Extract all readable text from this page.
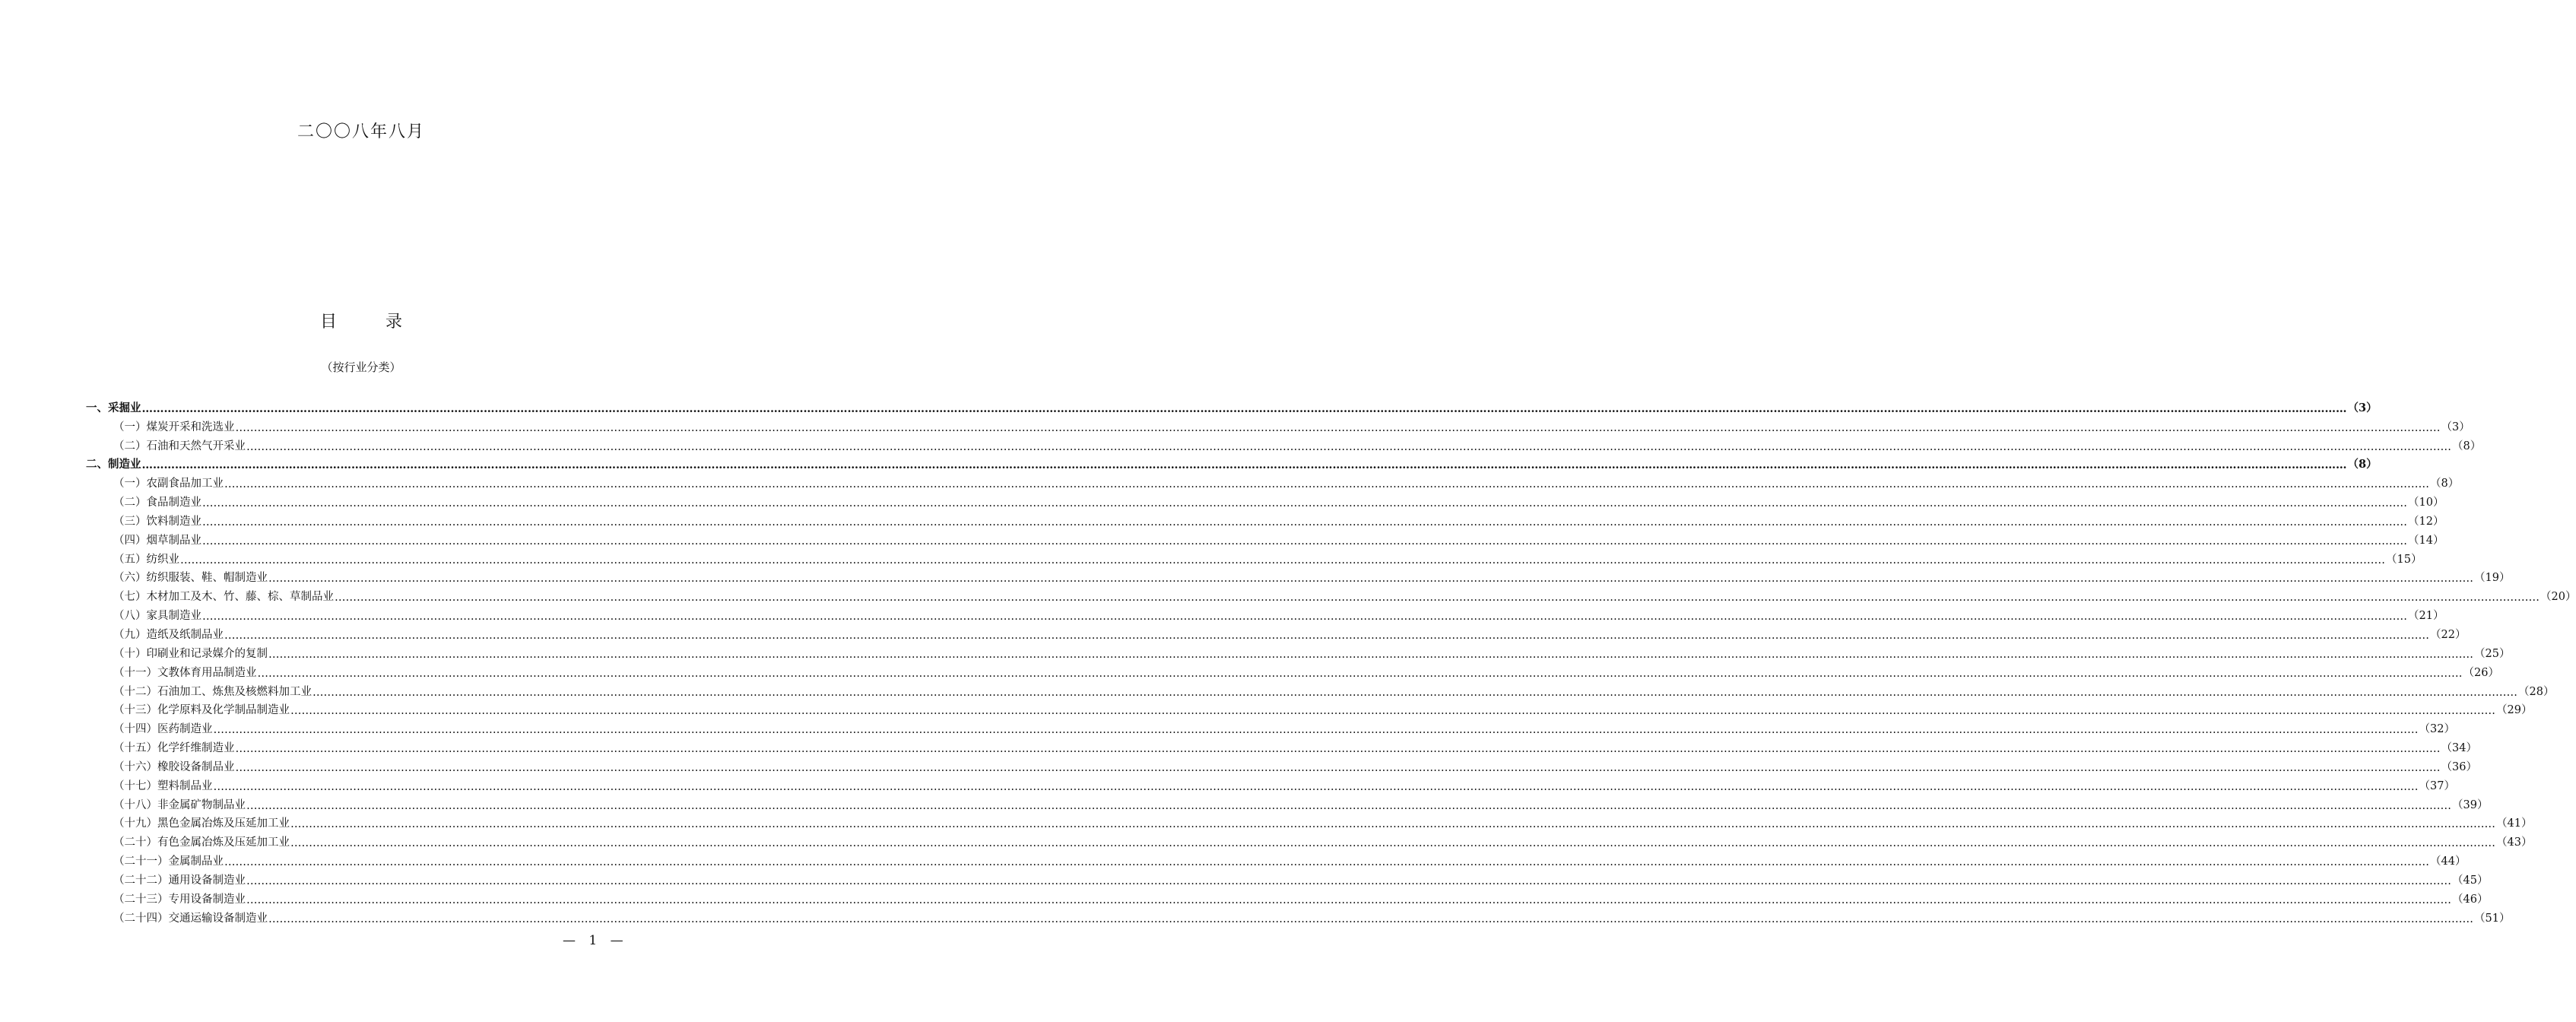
二〇〇八年八月
目	录
（按行业分类）
一、采掘业 …………………………………………………………………………………………………………………………………………………………………………………………………………………………………………………………………………………………………………………………………………………………………………………………………………………………………………………………………………………………………………………………………………………… （3）
（一）煤炭开采和洗选业 …………………………………………………………………………………………………………………………………………………………………………………………………………………………………………………………………………………………………………………………………………………………………………………………………………………………………………………………………………………………………………………………………………………… （3）
（二）石油和天然气开采业 …………………………………………………………………………………………………………………………………………………………………………………………………………………………………………………………………………………………………………………………………………………………………………………………………………………………………………………………………………………………………………………………………………………… （8）
二、制造业 …………………………………………………………………………………………………………………………………………………………………………………………………………………………………………………………………………………………………………………………………………………………………………………………………………………………………………………………………………………………………………………………………………………… （8）
（一）农副食品加工业 …………………………………………………………………………………………………………………………………………………………………………………………………………………………………………………………………………………………………………………………………………………………………………………………………………………………………………………………………………………………………………………………………………………… （8）
（二）食品制造业 …………………………………………………………………………………………………………………………………………………………………………………………………………………………………………………………………………………………………………………………………………………………………………………………………………………………………………………………………………………………………………………………………………………… （10）
（三）饮料制造业 …………………………………………………………………………………………………………………………………………………………………………………………………………………………………………………………………………………………………………………………………………………………………………………………………………………………………………………………………………………………………………………………………………………… （12）
（四）烟草制品业 …………………………………………………………………………………………………………………………………………………………………………………………………………………………………………………………………………………………………………………………………………………………………………………………………………………………………………………………………………………………………………………………………………………… （14）
（五）纺织业 …………………………………………………………………………………………………………………………………………………………………………………………………………………………………………………………………………………………………………………………………………………………………………………………………………………………………………………………………………………………………………………………………………………… （15）
（六）纺织服装、鞋、帽制造业 …………………………………………………………………………………………………………………………………………………………………………………………………………………………………………………………………………………………………………………………………………………………………………………………………………………………………………………………………………………………………………………………………………………… （19）
（七）木材加工及木、竹、藤、棕、草制品业 …………………………………………………………………………………………………………………………………………………………………………………………………………………………………………………………………………………………………………………………………………………………………………………………………………………………………………………………………………………………………………………………………………………… （20）
（八）家具制造业 …………………………………………………………………………………………………………………………………………………………………………………………………………………………………………………………………………………………………………………………………………………………………………………………………………………………………………………………………………………………………………………………………………………… （21）
（九）造纸及纸制品业 …………………………………………………………………………………………………………………………………………………………………………………………………………………………………………………………………………………………………………………………………………………………………………………………………………………………………………………………………………………………………………………………………………………… （22）
（十）印刷业和记录媒介的复制 …………………………………………………………………………………………………………………………………………………………………………………………………………………………………………………………………………………………………………………………………………………………………………………………………………………………………………………………………………………………………………………………………………………… （25）
（十一）文教体育用品制造业 …………………………………………………………………………………………………………………………………………………………………………………………………………………………………………………………………………………………………………………………………………………………………………………………………………………………………………………………………………………………………………………………………………………… （26）
（十二）石油加工、炼焦及核燃料加工业 …………………………………………………………………………………………………………………………………………………………………………………………………………………………………………………………………………………………………………………………………………………………………………………………………………………………………………………………………………………………………………………………………………………… （28）
（十三）化学原料及化学制品制造业 …………………………………………………………………………………………………………………………………………………………………………………………………………………………………………………………………………………………………………………………………………………………………………………………………………………………………………………………………………………………………………………………………………………… （29）
（十四）医药制造业 …………………………………………………………………………………………………………………………………………………………………………………………………………………………………………………………………………………………………………………………………………………………………………………………………………………………………………………………………………………………………………………………………………………… （32）
（十五）化学纤维制造业 …………………………………………………………………………………………………………………………………………………………………………………………………………………………………………………………………………………………………………………………………………………………………………………………………………………………………………………………………………………………………………………………………………………… （34）
（十六）橡胶设备制品业 …………………………………………………………………………………………………………………………………………………………………………………………………………………………………………………………………………………………………………………………………………………………………………………………………………………………………………………………………………………………………………………………………………………… （36）
（十七）塑料制品业 …………………………………………………………………………………………………………………………………………………………………………………………………………………………………………………………………………………………………………………………………………………………………………………………………………………………………………………………………………………………………………………………………………………… （37）
（十八）非金属矿物制品业 …………………………………………………………………………………………………………………………………………………………………………………………………………………………………………………………………………………………………………………………………………………………………………………………………………………………………………………………………………………………………………………………………………………… （39）
（十九）黑色金属冶炼及压延加工业 …………………………………………………………………………………………………………………………………………………………………………………………………………………………………………………………………………………………………………………………………………………………………………………………………………………………………………………………………………………………………………………………………………………… （41）
（二十）有色金属冶炼及压延加工业 …………………………………………………………………………………………………………………………………………………………………………………………………………………………………………………………………………………………………………………………………………………………………………………………………………………………………………………………………………………………………………………………………………………… （43）
（二十一）金属制品业 …………………………………………………………………………………………………………………………………………………………………………………………………………………………………………………………………………………………………………………………………………………………………………………………………………………………………………………………………………………………………………………………………………………… （44）
（二十二）通用设备制造业 …………………………………………………………………………………………………………………………………………………………………………………………………………………………………………………………………………………………………………………………………………………………………………………………………………………………………………………………………………………………………………………………………………………… （45）
（二十三）专用设备制造业 …………………………………………………………………………………………………………………………………………………………………………………………………………………………………………………………………………………………………………………………………………………………………………………………………………………………………………………………………………………………………………………………………………………… （46）
（二十四）交通运输设备制造业 …………………………………………………………………………………………………………………………………………………………………………………………………………………………………………………………………………………………………………………………………………………………………………………………………………………………………………………………………………………………………………………………………………………… （51）
— 1 —
